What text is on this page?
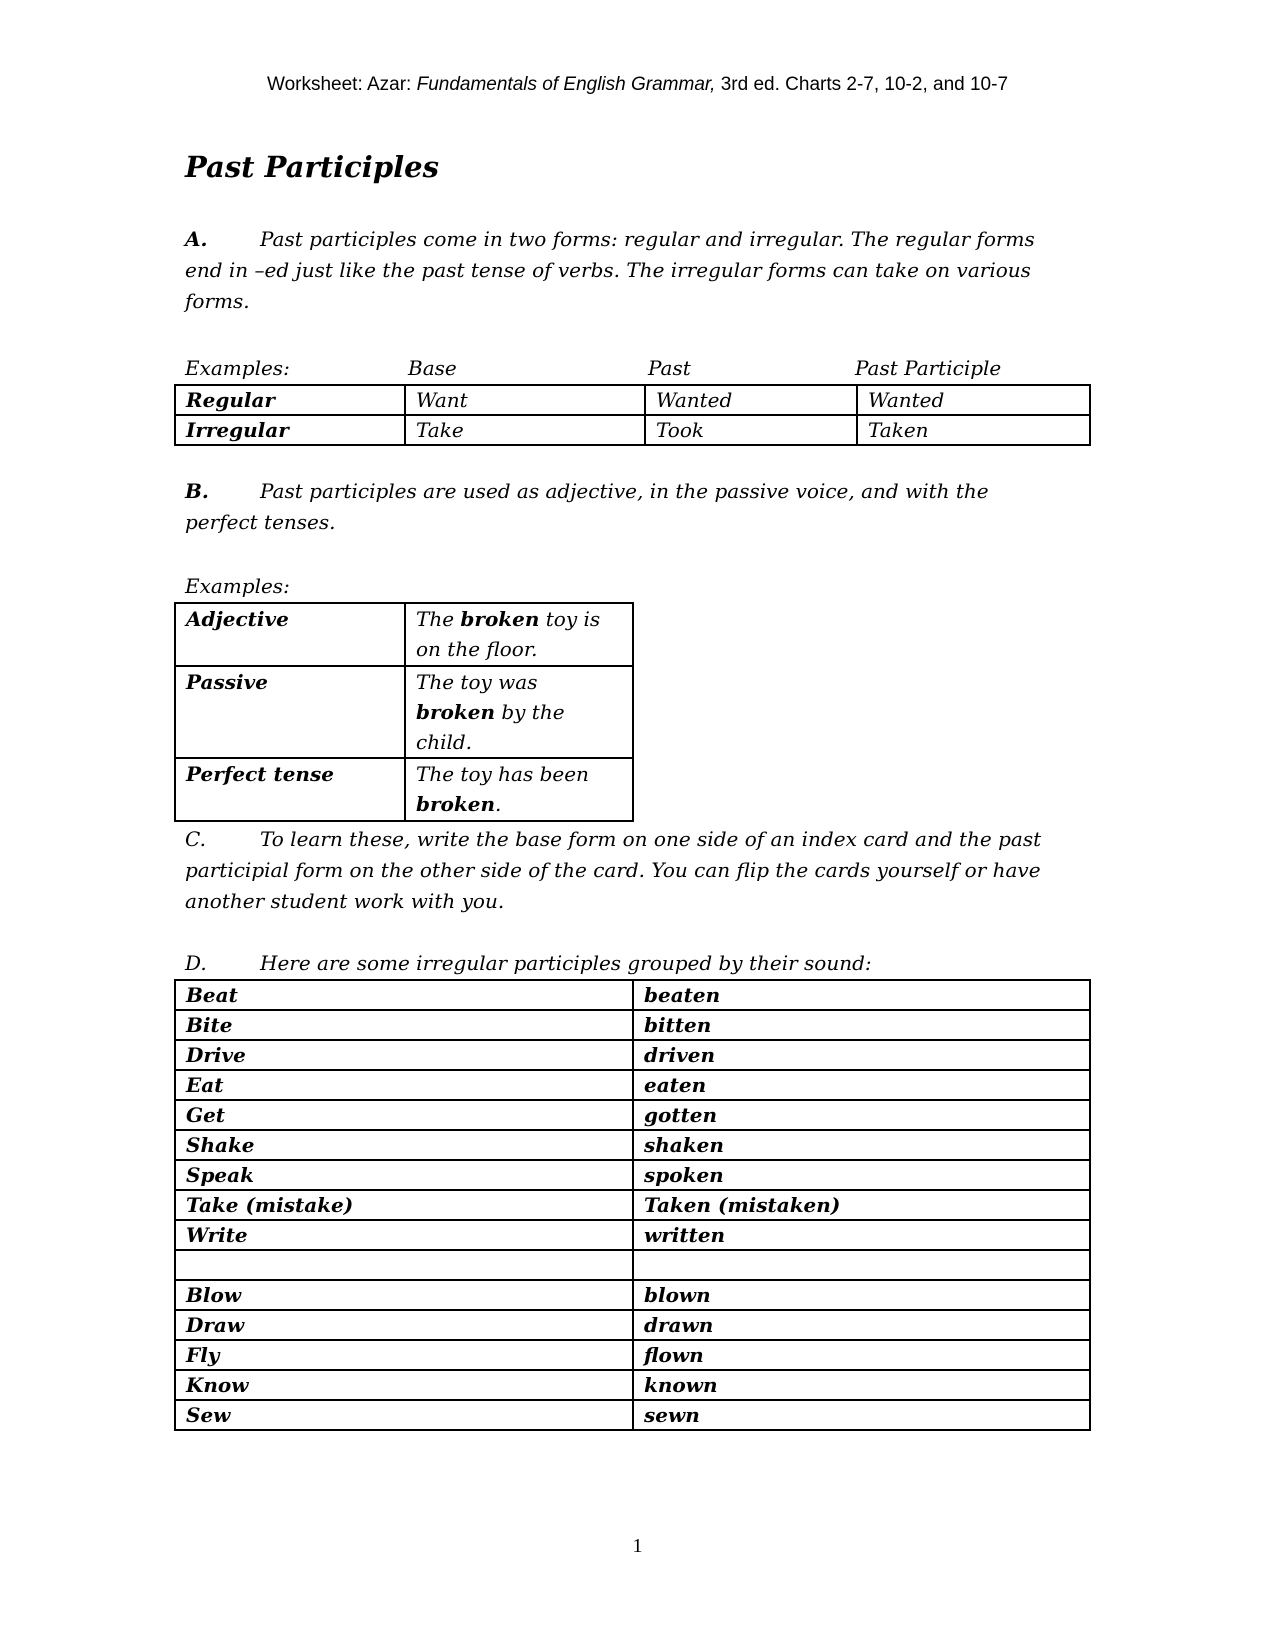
Worksheet: Azar: Fundamentals of English Grammar, 3rd ed. Charts 2-7, 10-2, and 10-7
Past Participles
A.	Past participles come in two forms: regular and irregular. The regular forms end in –ed just like the past tense of verbs. The irregular forms can take on various forms.
Examples:	Base	Past	Past Participle
Regular	Want	Wanted	Wanted
Irregular	Take	Took	Taken
B.	Past participles are used as adjective, in the passive voice, and with the perfect tenses.
Examples:
Adjective	The broken toy is on the floor.
Passive	The toy was broken by the child.
Perfect tense	The toy has been broken.
C.	To learn these, write the base form on one side of an index card and the past participial form on the other side of the card. You can flip the cards yourself or have another student work with you.
D.	Here are some irregular participles grouped by their sound:
Beat	beaten
Bite	bitten
Drive	driven
Eat	eaten
Get	gotten
Shake	shaken
Speak	spoken
Take (mistake)	Taken (mistaken)
Write	written

Blow	blown
Draw	drawn
Fly	flown
Know	known
Sew	sewn
1
